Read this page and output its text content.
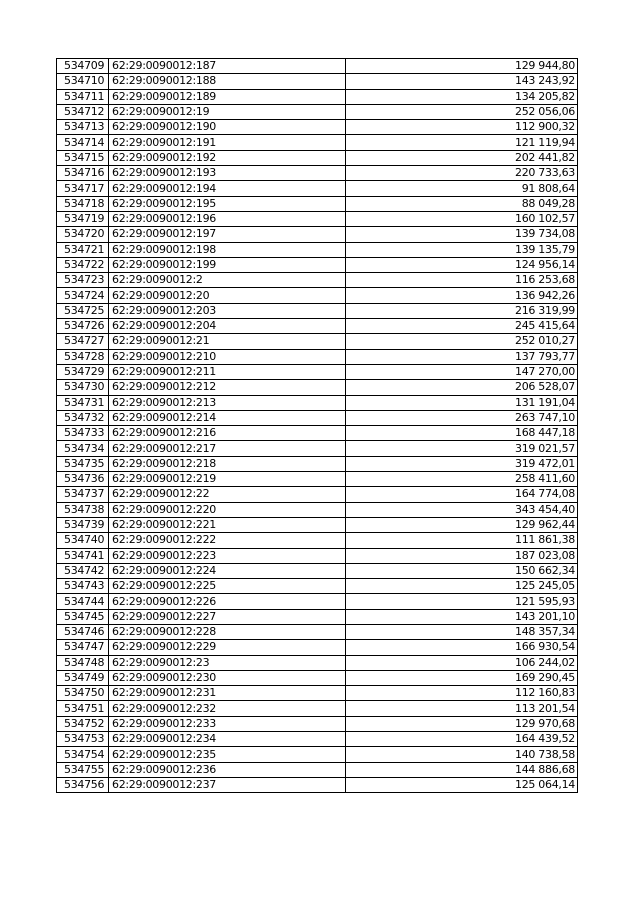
534709	62:29:0090012:187	129 944,80
534710	62:29:0090012:188	143 243,92
534711	62:29:0090012:189	134 205,82
534712	62:29:0090012:19	252 056,06
534713	62:29:0090012:190	112 900,32
534714	62:29:0090012:191	121 119,94
534715	62:29:0090012:192	202 441,82
534716	62:29:0090012:193	220 733,63
534717	62:29:0090012:194	91 808,64
534718	62:29:0090012:195	88 049,28
534719	62:29:0090012:196	160 102,57
534720	62:29:0090012:197	139 734,08
534721	62:29:0090012:198	139 135,79
534722	62:29:0090012:199	124 956,14
534723	62:29:0090012:2	116 253,68
534724	62:29:0090012:20	136 942,26
534725	62:29:0090012:203	216 319,99
534726	62:29:0090012:204	245 415,64
534727	62:29:0090012:21	252 010,27
534728	62:29:0090012:210	137 793,77
534729	62:29:0090012:211	147 270,00
534730	62:29:0090012:212	206 528,07
534731	62:29:0090012:213	131 191,04
534732	62:29:0090012:214	263 747,10
534733	62:29:0090012:216	168 447,18
534734	62:29:0090012:217	319 021,57
534735	62:29:0090012:218	319 472,01
534736	62:29:0090012:219	258 411,60
534737	62:29:0090012:22	164 774,08
534738	62:29:0090012:220	343 454,40
534739	62:29:0090012:221	129 962,44
534740	62:29:0090012:222	111 861,38
534741	62:29:0090012:223	187 023,08
534742	62:29:0090012:224	150 662,34
534743	62:29:0090012:225	125 245,05
534744	62:29:0090012:226	121 595,93
534745	62:29:0090012:227	143 201,10
534746	62:29:0090012:228	148 357,34
534747	62:29:0090012:229	166 930,54
534748	62:29:0090012:23	106 244,02
534749	62:29:0090012:230	169 290,45
534750	62:29:0090012:231	112 160,83
534751	62:29:0090012:232	113 201,54
534752	62:29:0090012:233	129 970,68
534753	62:29:0090012:234	164 439,52
534754	62:29:0090012:235	140 738,58
534755	62:29:0090012:236	144 886,68
534756	62:29:0090012:237	125 064,14
